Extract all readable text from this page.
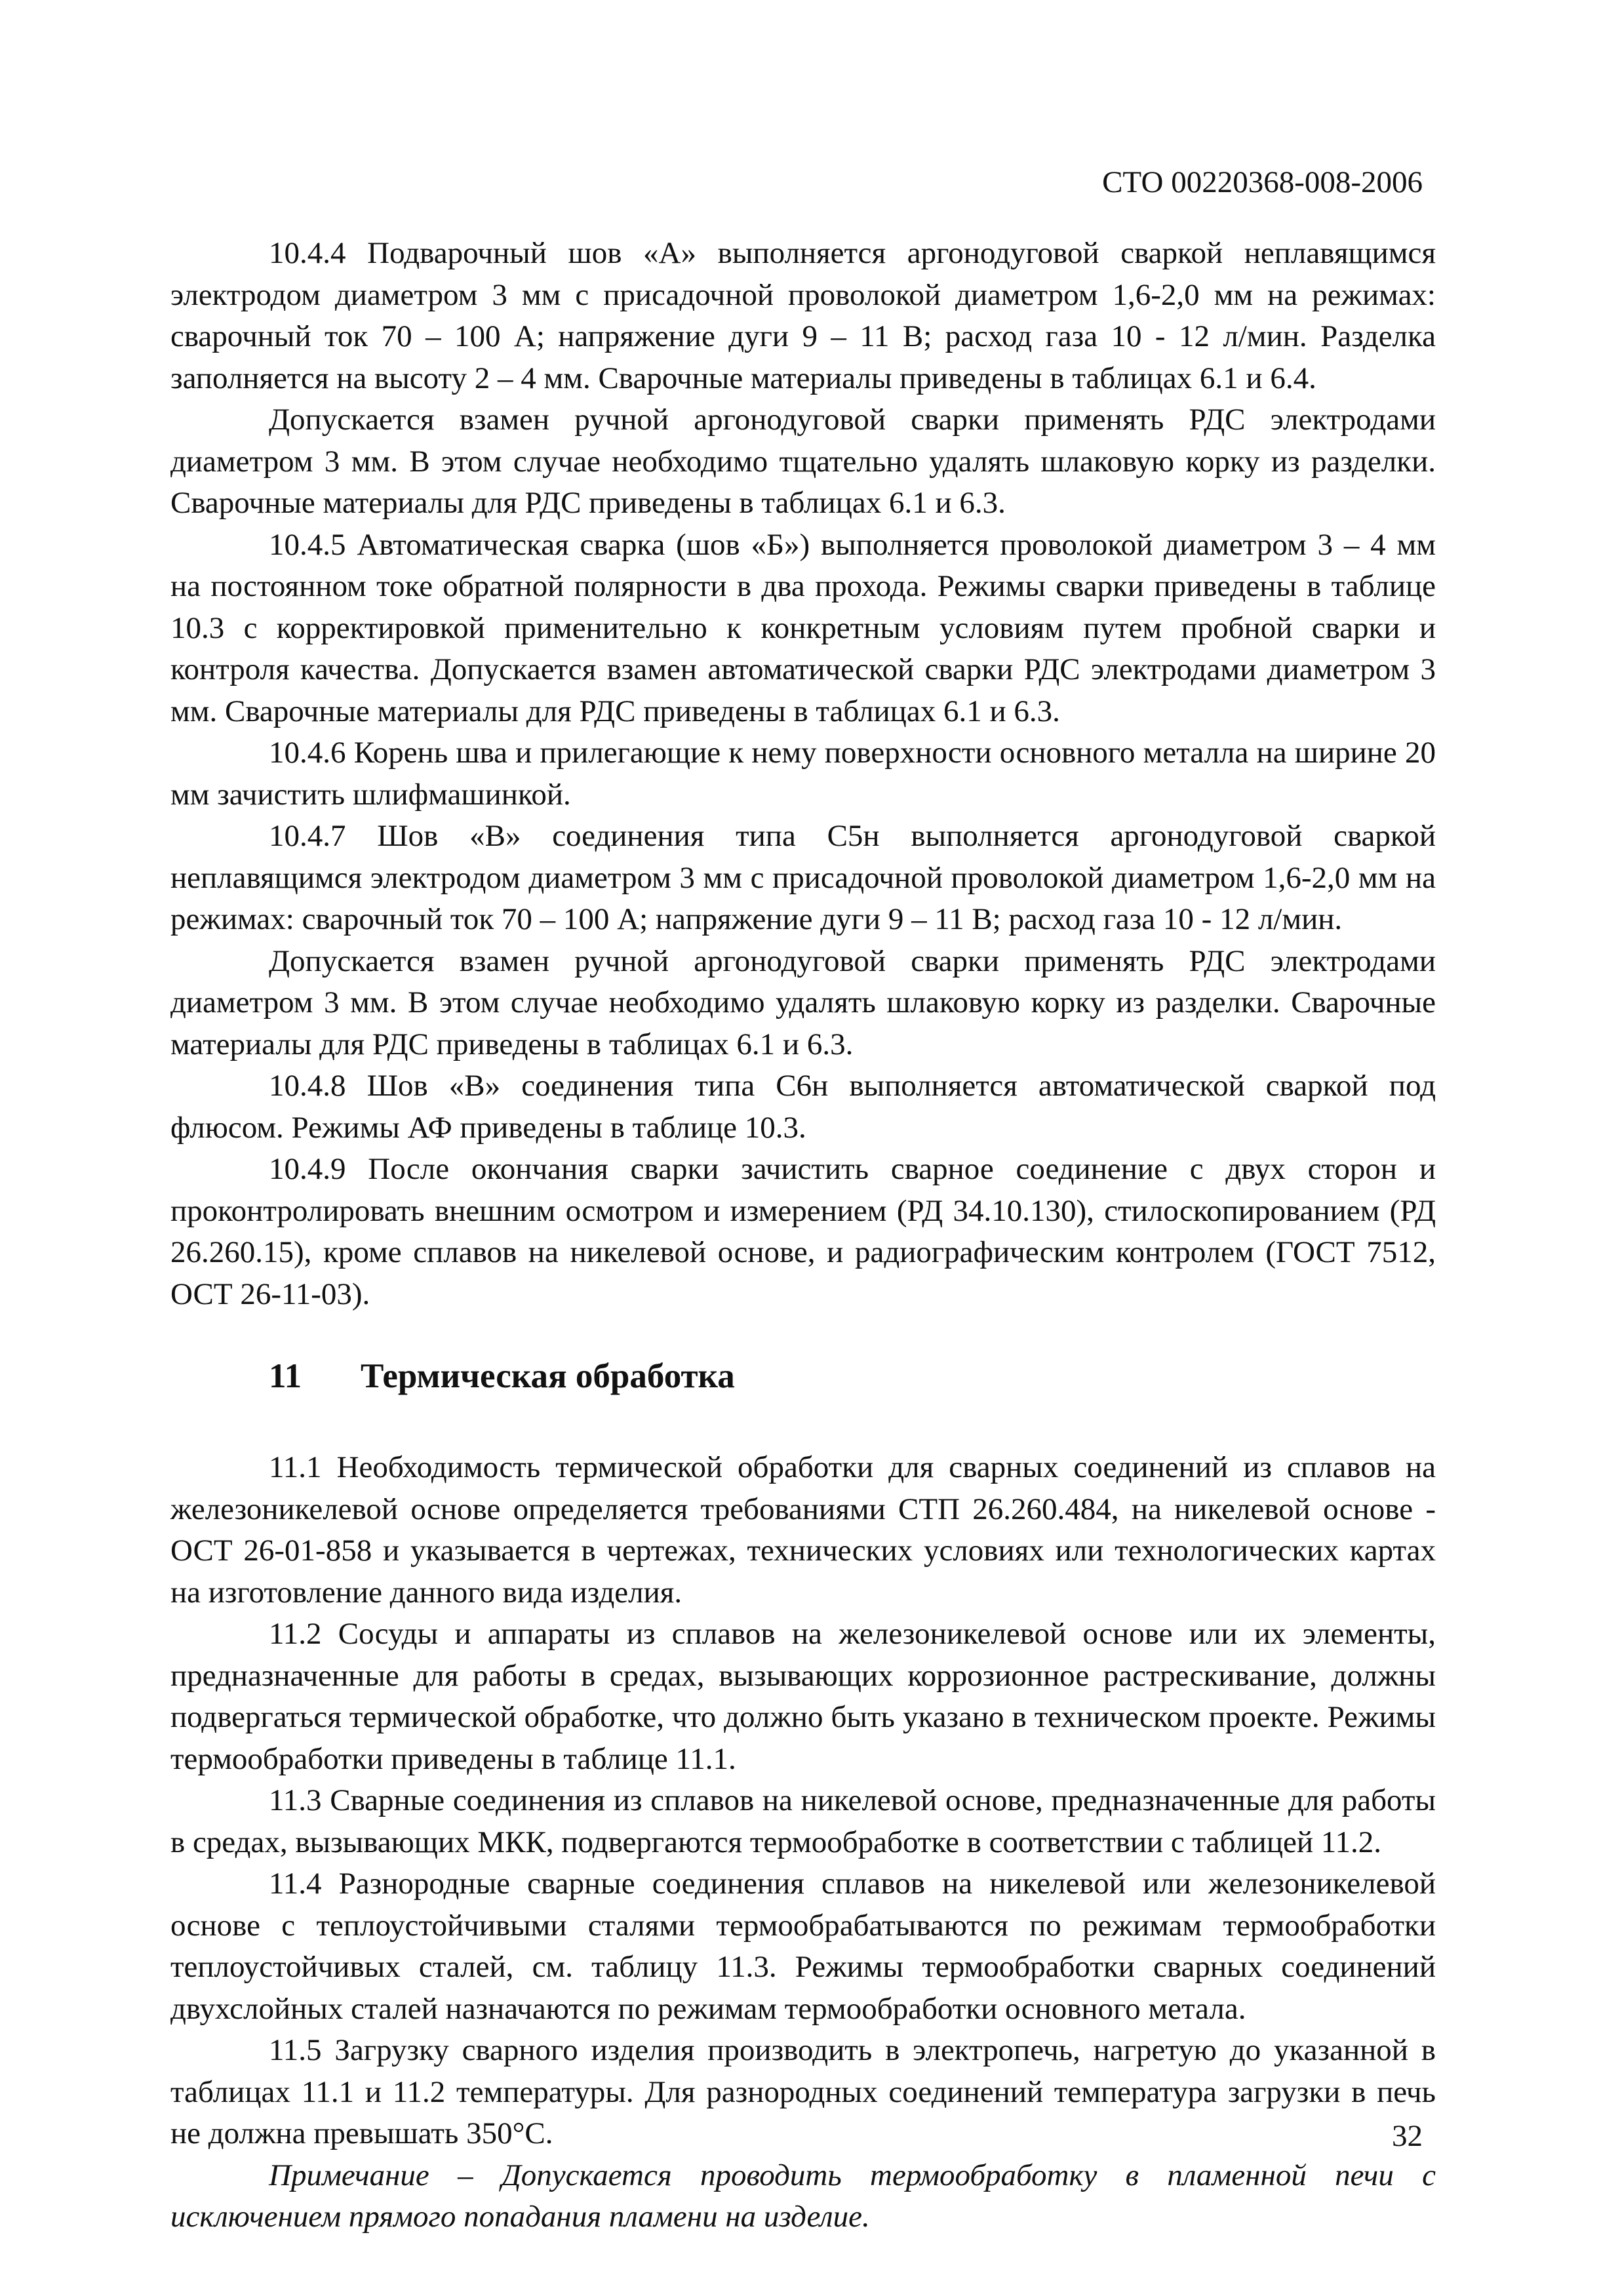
СТО 00220368-008-2006

10.4.4 Подварочный шов «А» выполняется аргонодуговой сваркой неплавящимся электродом диаметром 3 мм с присадочной проволокой диаметром 1,6-2,0 мм на режимах: сварочный ток 70 – 100 А; напряжение дуги 9 – 11 В; расход газа 10 - 12 л/мин. Разделка заполняется на высоту 2 – 4 мм. Сварочные материалы приведены в таблицах 6.1 и 6.4.

Допускается взамен ручной аргонодуговой сварки применять РДС электродами диаметром 3 мм. В этом случае необходимо тщательно удалять шлаковую корку из разделки. Сварочные материалы для РДС приведены в таблицах 6.1 и 6.3.

10.4.5 Автоматическая сварка (шов «Б») выполняется проволокой диаметром 3 – 4 мм на постоянном токе обратной полярности в два прохода. Режимы сварки приведены в таблице 10.3 с корректировкой применительно к конкретным условиям путем пробной сварки и контроля качества. Допускается взамен автоматической сварки РДС электродами диаметром 3 мм. Сварочные материалы для РДС приведены в таблицах 6.1 и 6.3.

10.4.6 Корень шва и прилегающие к нему поверхности основного металла на ширине 20 мм зачистить шлифмашинкой.

10.4.7 Шов «В» соединения типа С5н выполняется аргонодуговой сваркой неплавящимся электродом диаметром 3 мм с присадочной проволокой диаметром 1,6-2,0 мм на режимах: сварочный ток 70 – 100 А; напряжение дуги 9 – 11 В; расход газа 10 - 12 л/мин.

Допускается взамен ручной аргонодуговой сварки применять РДС электродами диаметром 3 мм. В этом случае необходимо удалять шлаковую корку из разделки. Сварочные материалы для РДС приведены в таблицах 6.1 и 6.3.

10.4.8 Шов «В» соединения типа С6н выполняется автоматической сваркой под флюсом. Режимы АФ приведены в таблице 10.3.

10.4.9 После окончания сварки зачистить сварное соединение с двух сторон и проконтролировать внешним осмотром и измерением (РД 34.10.130), стилоскопированием (РД 26.260.15), кроме сплавов на никелевой основе, и радиографическим контролем (ГОСТ 7512, ОСТ 26-11-03).

11 Термическая обработка

11.1 Необходимость термической обработки для сварных соединений из сплавов на железоникелевой основе определяется требованиями СТП 26.260.484, на никелевой основе - ОСТ 26-01-858 и указывается в чертежах, технических условиях или технологических картах на изготовление данного вида изделия.

11.2 Сосуды и аппараты из сплавов на железоникелевой основе или их элементы, предназначенные для работы в средах, вызывающих коррозионное растрескивание, должны подвергаться термической обработке, что должно быть указано в техническом проекте. Режимы термообработки приведены в таблице 11.1.

11.3 Сварные соединения из сплавов на никелевой основе, предназначенные для работы в средах, вызывающих МКК, подвергаются термообработке в соответствии с таблицей 11.2.

11.4 Разнородные сварные соединения сплавов на никелевой или железоникелевой основе с теплоустойчивыми сталями термообрабатываются по режимам термообработки теплоустойчивых сталей, см. таблицу 11.3. Режимы термообработки сварных соединений двухслойных сталей назначаются по режимам термообработки основного метала.

11.5 Загрузку сварного изделия производить в электропечь, нагретую до указанной в таблицах 11.1 и 11.2 температуры. Для разнородных соединений температура загрузки в печь не должна превышать 350°С.

Примечание – Допускается проводить термообработку в пламенной печи с исключением прямого попадания пламени на изделие.

32
